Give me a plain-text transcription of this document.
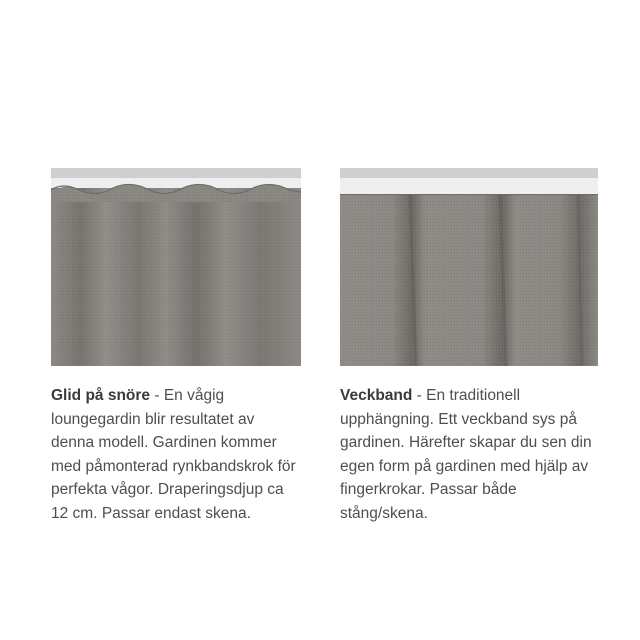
Glid på snöre - En vågig loungegardin blir resultatet av denna modell. Gardinen kommer med påmonterad rynkbandskrok för perfekta vågor. Draperingsdjup ca 12 cm. Passar endast skena.
Veckband - En traditionell upphängning. Ett veckband sys på gardinen. Härefter skapar du sen din egen form på gardinen med hjälp av fingerkrokar. Passar både stång/skena.
